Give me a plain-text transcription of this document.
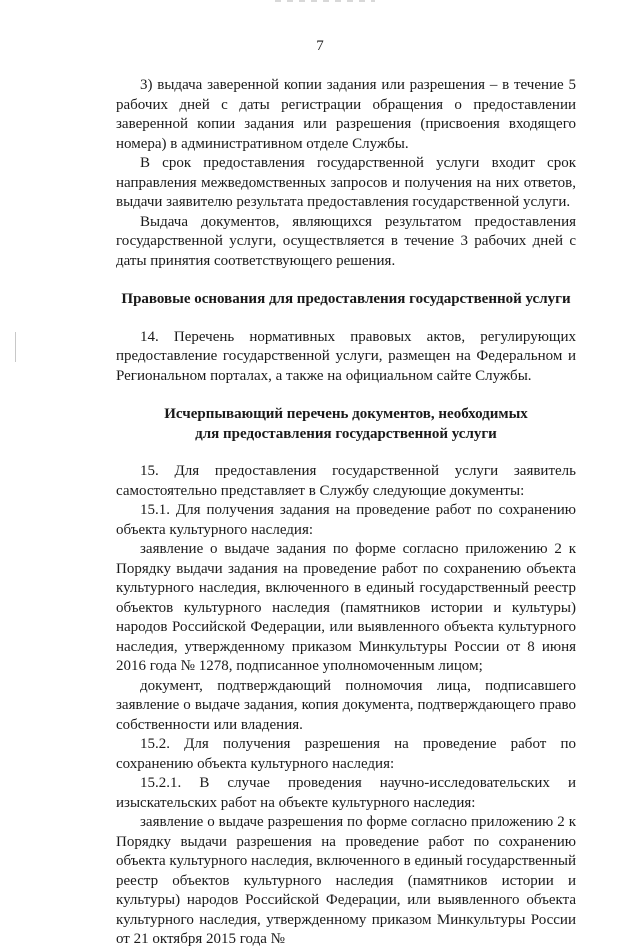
7

3) выдача заверенной копии задания или разрешения – в течение 5 рабочих дней с даты регистрации обращения о предоставлении заверенной копии задания или разрешения (присвоения входящего номера) в административном отделе Службы.

В срок предоставления государственной услуги входит срок направления межведомственных запросов и получения на них ответов, выдачи заявителю результата предоставления государственной услуги.

Выдача документов, являющихся результатом предоставления государственной услуги, осуществляется в течение 3 рабочих дней с даты принятия соответствующего решения.

Правовые основания для предоставления государственной услуги

14. Перечень нормативных правовых актов, регулирующих предоставление государственной услуги, размещен на Федеральном и Региональном порталах, а также на официальном сайте Службы.

Исчерпывающий перечень документов, необходимых

для предоставления государственной услуги

15. Для предоставления государственной услуги заявитель самостоятельно представляет в Службу следующие документы:

15.1. Для получения задания на проведение работ по сохранению объекта культурного наследия:

заявление о выдаче задания по форме согласно приложению 2 к Порядку выдачи задания на проведение работ по сохранению объекта культурного наследия, включенного в единый государственный реестр объектов культурного наследия (памятников истории и культуры) народов Российской Федерации, или выявленного объекта культурного наследия, утвержденному приказом Минкультуры России от 8 июня 2016 года № 1278, подписанное уполномоченным лицом;

документ, подтверждающий полномочия лица, подписавшего заявление о выдаче задания, копия документа, подтверждающего право собственности или владения.

15.2. Для получения разрешения на проведение работ по сохранению объекта культурного наследия:

15.2.1. В случае проведения научно-исследовательских и изыскательских работ на объекте культурного наследия:

заявление о выдаче разрешения по форме согласно приложению 2 к Порядку выдачи разрешения на проведение работ по сохранению объекта культурного наследия, включенного в единый государственный реестр объектов культурного наследия (памятников истории и культуры) народов Российской Федерации, или выявленного объекта культурного наследия, утвержденному приказом Минкультуры России от 21 октября 2015 года №
